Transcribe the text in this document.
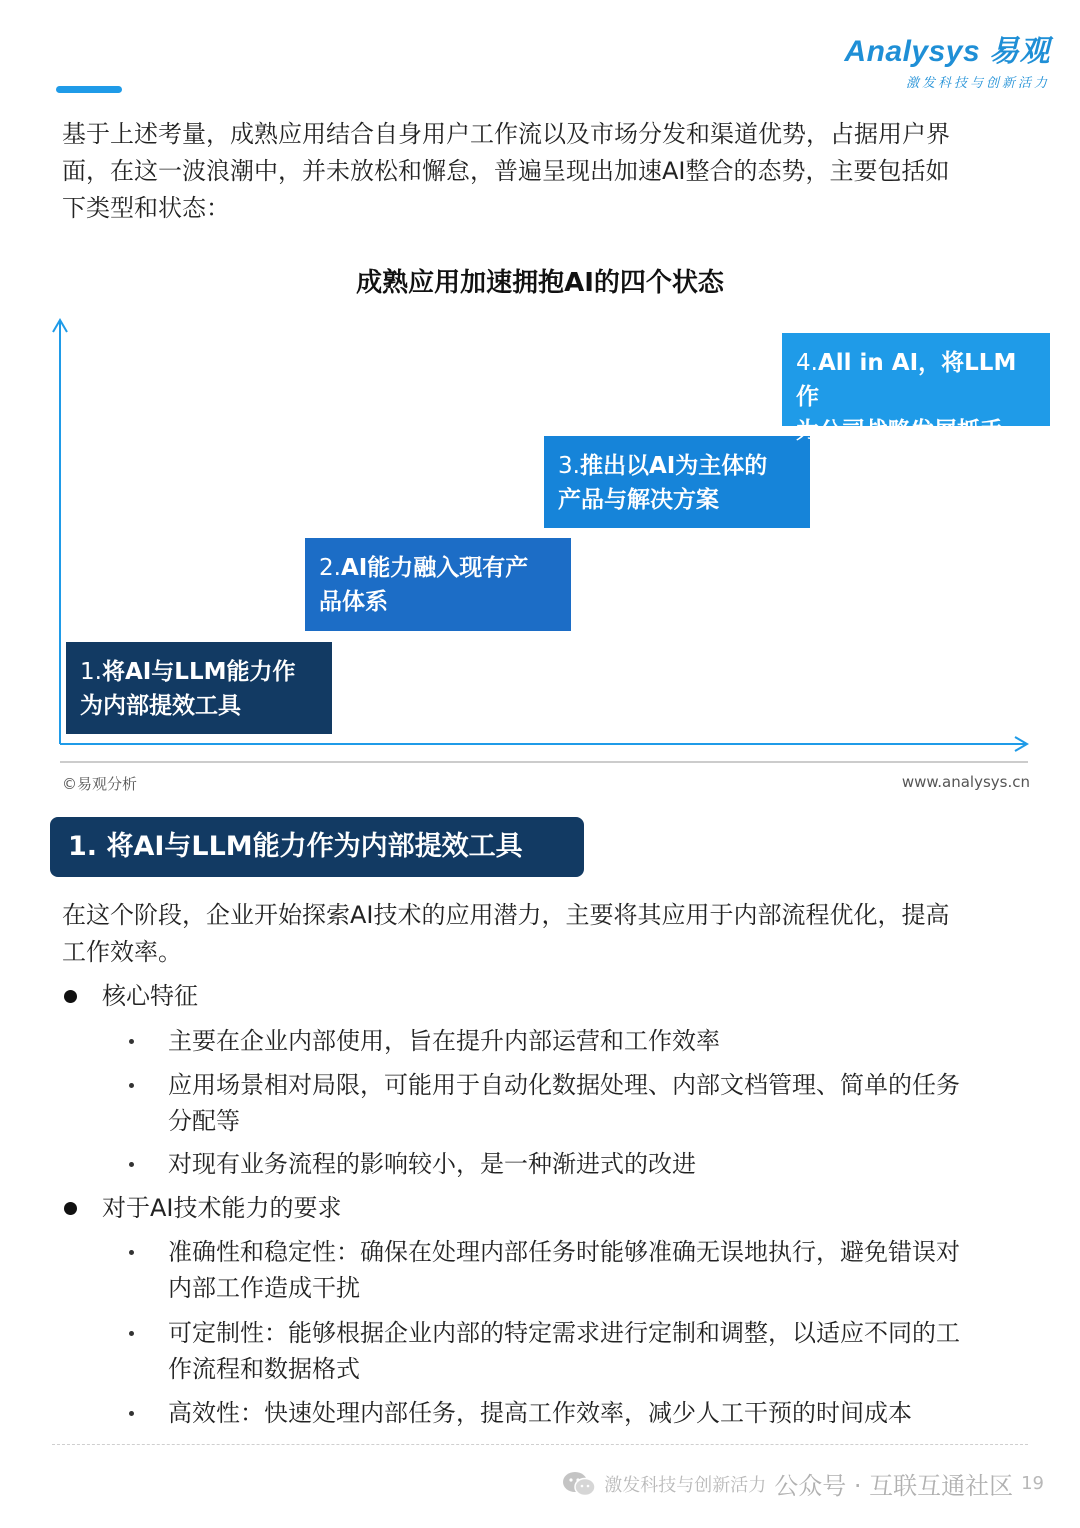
Analysys 易观
激发科技与创新活力
基于上述考量，成熟应用结合自身用户工作流以及市场分发和渠道优势，占据用户界
面，在这一波浪潮中，并未放松和懈怠，普遍呈现出加速AI整合的态势，主要包括如
下类型和状态：
成熟应用加速拥抱AI的四个状态
1.将AI与LLM能力作
为内部提效工具
2.AI能力融入现有产
品体系
3.推出以AI为主体的
产品与解决方案
4.All in AI，将LLM作
为公司战略发展抓手
©易观分析	www.analysys.cn
1. 将AI与LLM能力作为内部提效工具
在这个阶段，企业开始探索AI技术的应用潜力，主要将其应用于内部流程优化，提高
工作效率。
核心特征
主要在企业内部使用，旨在提升内部运营和工作效率
应用场景相对局限，可能用于自动化数据处理、内部文档管理、简单的任务
分配等
对现有业务流程的影响较小，是一种渐进式的改进
对于AI技术能力的要求
准确性和稳定性：确保在处理内部任务时能够准确无误地执行，避免错误对
内部工作造成干扰
可定制性：能够根据企业内部的特定需求进行定制和调整，以适应不同的工
作流程和数据格式
高效性：快速处理内部任务，提高工作效率，减少人工干预的时间成本
激发科技与创新活力 公众号 · 互联互通社区 19
